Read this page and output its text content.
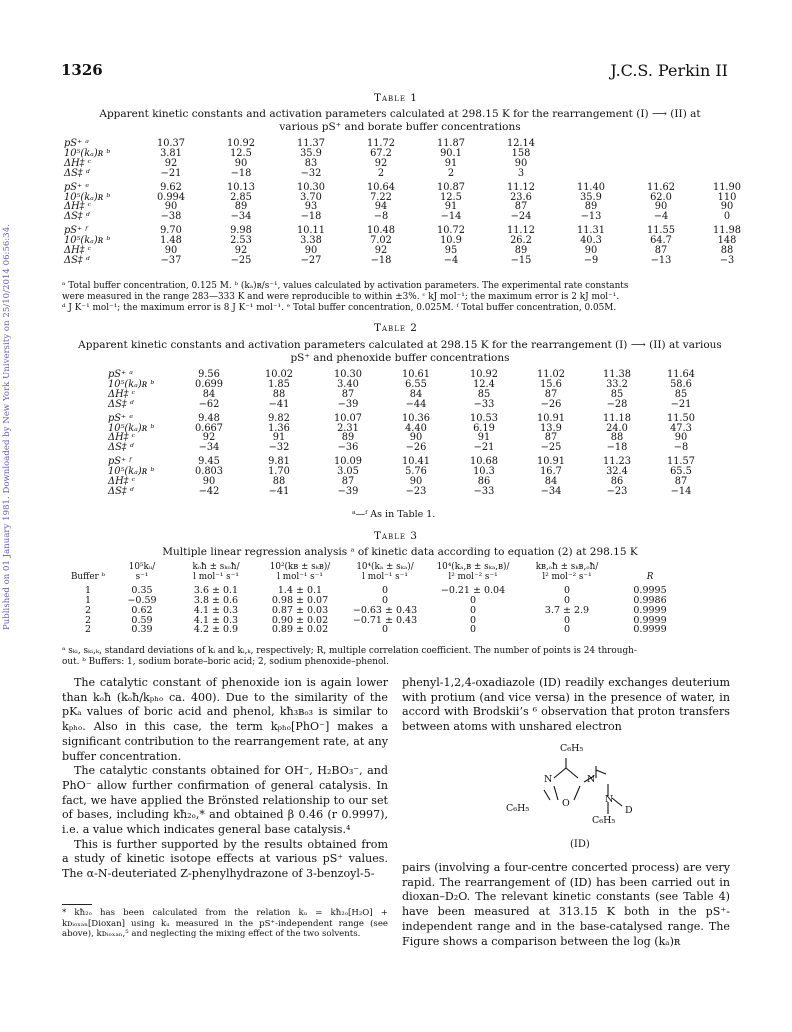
Published on 01 January 1981. Downloaded by New York University on 25/10/2014 06:56:34.
1326	J.C.S. Perkin II
Table 1
Apparent kinetic constants and activation parameters calculated at 298.15 K for the rearrangement (I) ⟶ (II) at
various pS⁺ and borate buffer concentrations
pS⁺ ᵃ	10.37	10.92	11.37	11.72	11.87	12.14			
10⁵(kₐ)ʀ ᵇ	3.81	12.5	35.9	67.2	90.1	158			
ΔH‡ ᶜ	92	90	83	92	91	90			
ΔS‡ ᵈ	−21	−18	−32	2	2	3			
pS⁺ ᵉ	9.62	10.13	10.30	10.64	10.87	11.12	11.40	11.62	11.90
10⁵(kₐ)ʀ ᵇ	0.994	2.85	3.70	7.22	12.5	23.6	35.9	62.0	110
ΔH‡ ᶜ	90	89	93	94	91	87	89	90	90
ΔS‡ ᵈ	−38	−34	−18	−8	−14	−24	−13	−4	0
pS⁺ ᶠ	9.70	9.98	10.11	10.48	10.72	11.12	11.31	11.55	11.98
10⁵(kₐ)ʀ ᵇ	1.48	2.53	3.38	7.02	10.9	26.2	40.3	64.7	148
ΔH‡ ᶜ	90	92	90	92	95	89	90	87	88
ΔS‡ ᵈ	−37	−25	−27	−18	−4	−15	−9	−13	−3
ᵃ Total buffer concentration, 0.125 M. ᵇ (kₐ)ʀ/s⁻¹, values calculated by activation parameters. The experimental rate constants
were measured in the range 283—333 K and were reproducible to within ±3%. ᶜ kJ mol⁻¹; the maximum error is 2 kJ mol⁻¹.
ᵈ J K⁻¹ mol⁻¹; the maximum error is 8 J K⁻¹ mol⁻¹. ᵉ Total buffer concentration, 0.025M. ᶠ Total buffer concentration, 0.05M.
Table 2
Apparent kinetic constants and activation parameters calculated at 298.15 K for the rearrangement (I) ⟶ (II) at various
pS⁺ and phenoxide buffer concentrations
pS⁺ ᵃ	9.56	10.02	10.30	10.61	10.92	11.02	11.38	11.64
10⁵(kₐ)ʀ ᵇ	0.699	1.85	3.40	6.55	12.4	15.6	33.2	58.6
ΔH‡ ᶜ	84	88	87	84	85	87	85	85
ΔS‡ ᵈ	−62	−41	−39	−44	−33	−26	−28	−21
pS⁺ ᵉ	9.48	9.82	10.07	10.36	10.53	10.91	11.18	11.50
10⁵(kₐ)ʀ ᵇ	0.667	1.36	2.31	4.40	6.19	13.9	24.0	47.3
ΔH‡ ᶜ	92	91	89	90	91	87	88	90
ΔS‡ ᵈ	−34	−32	−36	−26	−21	−25	−18	−8
pS⁺ ᶠ	9.45	9.81	10.09	10.41	10.68	10.91	11.23	11.57
10⁵(kₐ)ʀ ᵇ	0.803	1.70	3.05	5.76	10.3	16.7	32.4	65.5
ΔH‡ ᶜ	90	88	87	90	86	84	86	87
ΔS‡ ᵈ	−42	−41	−39	−23	−33	−34	−23	−14
ᵃ—ᶠ As in Table 1.
Table 3
Multiple linear regression analysis ᵃ of kinetic data according to equation (2) at 298.15 K
	10⁵kᵤ/	kₒħ ± sₖₒħ/	10²(kʙ ± sₖʙ)/	10⁴(kₐ ± sₖₐ)/	10⁴(kₐ,ʙ ± sₖₐ,ʙ)/	kʙ,ₒħ ± sₖʙ,ₒħ/	
Buffer ᵇ	s⁻¹	l mol⁻¹ s⁻¹	l mol⁻¹ s⁻¹	l mol⁻¹ s⁻¹	l² mol⁻² s⁻¹	l² mol⁻² s⁻¹	R
1	0.35	3.6 ± 0.1	1.4 ± 0.1	0	−0.21 ± 0.04	0	0.9995
1	−0.59	3.8 ± 0.6	0.98 ± 0.07	0	0	0	0.9986
2	0.62	4.1 ± 0.3	0.87 ± 0.03	−0.63 ± 0.43	0	3.7 ± 2.9	0.9999
2	0.59	4.1 ± 0.3	0.90 ± 0.02	−0.71 ± 0.43	0	0	0.9999
2	0.39	4.2 ± 0.9	0.89 ± 0.02	0	0	0	0.9999
ᵃ sₖᵢ, sₖᵢ,ₖ, standard deviations of kᵢ and kᵢ,ₖ, respectively; R, multiple correlation coefficient. The number of points is 24 through-
out. ᵇ Buffers: 1, sodium borate–boric acid; 2, sodium phenoxide–phenol.

The catalytic constant of phenoxide ion is again lower than kₒħ (kₒħ/kₚₕₒ ca. 400). Due to the similarity of the pKₐ values of boric acid and phenol, kħ₃ʙₒ₃ is similar to kₚₕₒ. Also in this case, the term kₚₕₒ[PhO⁻] makes a significant contribution to the rearrangement rate, at any buffer concentration.

The catalytic constants obtained for OH⁻, H₂BO₃⁻, and PhO⁻ allow further confirmation of general catalysis. In fact, we have applied the Brönsted relationship to our set of bases, including kħ₂ₒ,* and obtained β 0.46 (r 0.9997), i.e. a value which indicates general base catalysis.⁴

This is further supported by the results obtained from a study of kinetic isotope effects at various pS⁺ values. The α-N-deuteriated Z-phenylhydrazone of 3-benzoyl-5-

* kħ₂ₒ has been calculated from the relation kᵤ = kħ₂ₒ[H₂O] + kᴅᵢₒₓₐₙ[Dioxan] using kᵤ measured in the pS⁺-independent range (see above), kᴅᵢₒₓₐₙ,⁵ and neglecting the mixing effect of the two solvents.
phenyl-1,2,4-oxadiazole (ID) readily exchanges deuterium with protium (and vice versa) in the presence of water, in accord with Brodskii’s ⁶ observation that proton transfers between atoms with unshared electron
C₆H₅
N	N
O	N
C₆H₅	D
C₆H₅
(ID)
pairs (involving a four-centre concerted process) are very rapid. The rearrangement of (ID) has been carried out in dioxan–D₂O. The relevant kinetic constants (see Table 4) have been measured at 313.15 K both in the pS⁺-independent range and in the base-catalysed range. The Figure shows a comparison between the log (kₐ)ʀ
